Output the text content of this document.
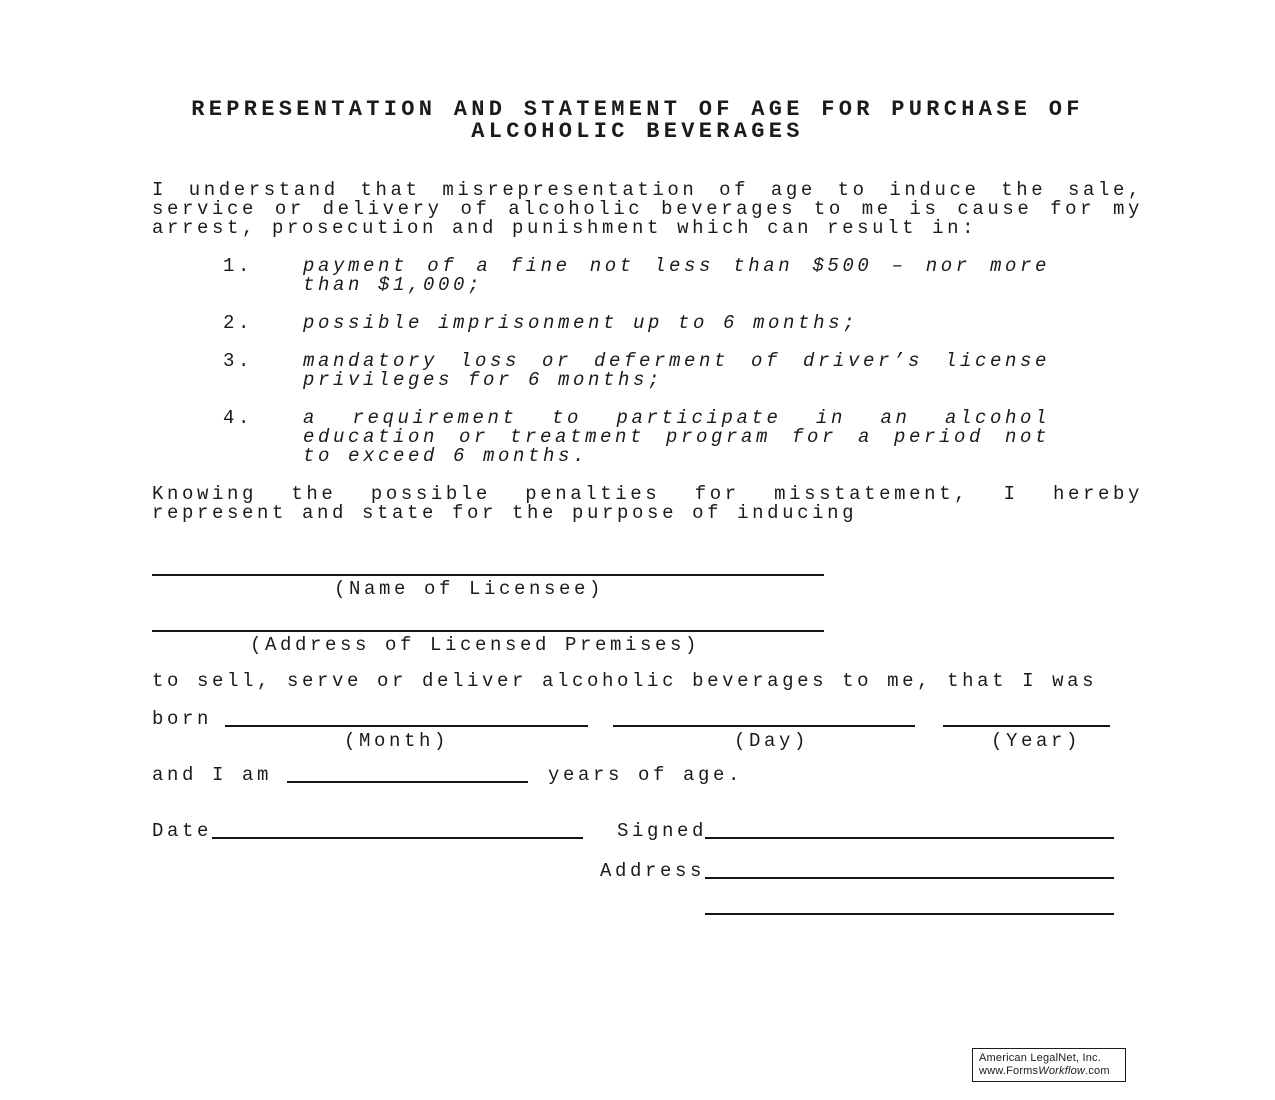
REPRESENTATION AND STATEMENT OF AGE FOR PURCHASE OF
ALCOHOLIC BEVERAGES
I understand that misrepresentation of age to induce the sale,
service or delivery of alcoholic beverages to me is cause for my
arrest, prosecution and punishment which can result in:
1.	payment of a fine not less than $500 – nor more
than $1,000;
2.	possible imprisonment up to 6 months;
3.	mandatory loss or deferment of driver’s license
privileges for 6 months;
4.	a requirement to participate in an alcohol
education or treatment program for a period not
to exceed 6 months.
Knowing the possible penalties for misstatement, I hereby
represent and state for the purpose of inducing
(Name of Licensee)
(Address of Licensed Premises)
to sell, serve or deliver alcoholic beverages to me, that I was
born
(Month)	(Day)	(Year)
and I am	years of age.
Date	Signed
Address
American LegalNet, Inc.
www.FormsWorkflow.com
